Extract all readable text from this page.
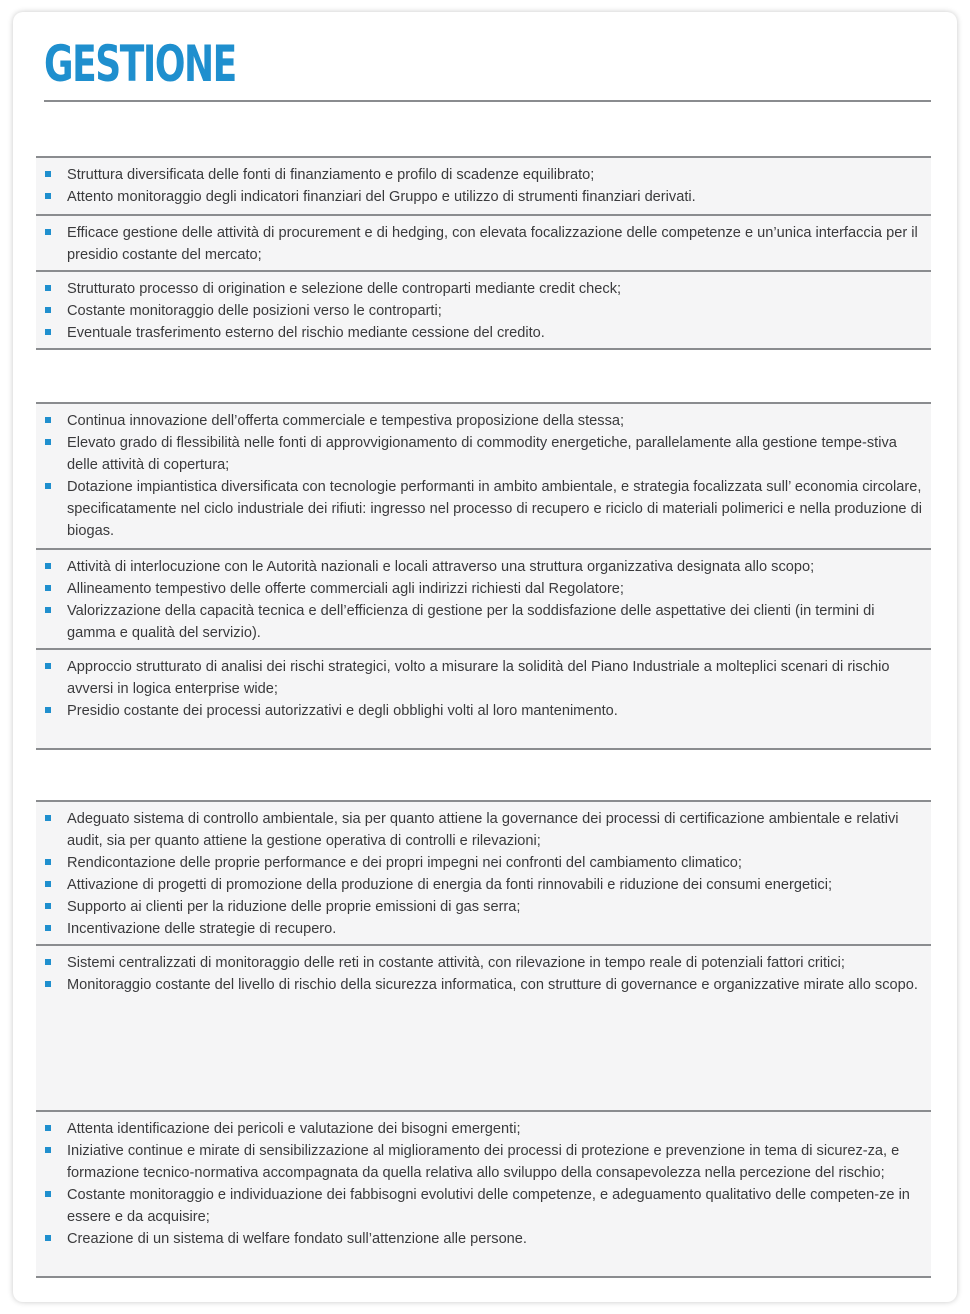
GESTIONE
Struttura diversificata delle fonti di finanziamento e profilo di scadenze equilibrato;
Attento monitoraggio degli indicatori finanziari del Gruppo e utilizzo di strumenti finanziari derivati.
Efficace gestione delle attività di procurement e di hedging, con elevata focalizzazione delle competenze e un’unica interfaccia per il presidio costante del mercato;
Strutturato processo di origination e selezione delle controparti mediante credit check;
Costante monitoraggio delle posizioni verso le controparti;
Eventuale trasferimento esterno del rischio mediante cessione del credito.
Continua innovazione dell’offerta commerciale e tempestiva proposizione della stessa;
Elevato grado di flessibilità nelle fonti di approvvigionamento di commodity energetiche, parallelamente alla gestione tempe-stiva delle attività di copertura;
Dotazione impiantistica diversificata con tecnologie performanti in ambito ambientale, e strategia focalizzata sull’ economia circolare, specificatamente nel ciclo industriale dei rifiuti: ingresso nel processo di recupero e riciclo di materiali polimerici e nella produzione di biogas.
Attività di interlocuzione con le Autorità nazionali e locali attraverso una struttura organizzativa designata allo scopo;
Allineamento tempestivo delle offerte commerciali agli indirizzi richiesti dal Regolatore;
Valorizzazione della capacità tecnica e dell’efficienza di gestione per la soddisfazione delle aspettative dei clienti (in termini di gamma e qualità del servizio).
Approccio strutturato di analisi dei rischi strategici, volto a misurare la solidità del Piano Industriale a molteplici scenari di rischio avversi in logica enterprise wide;
Presidio costante dei processi autorizzativi e degli obblighi volti al loro mantenimento.
Adeguato sistema di controllo ambientale, sia per quanto attiene la governance dei processi di certificazione ambientale e relativi audit, sia per quanto attiene la gestione operativa di controlli e rilevazioni;
Rendicontazione delle proprie performance e dei propri impegni nei confronti del cambiamento climatico;
Attivazione di progetti di promozione della produzione di energia da fonti rinnovabili e riduzione dei consumi energetici;
Supporto ai clienti per la riduzione delle proprie emissioni di gas serra;
Incentivazione delle strategie di recupero.
Sistemi centralizzati di monitoraggio delle reti in costante attività, con rilevazione in tempo reale di potenziali fattori critici;
Monitoraggio costante del livello di rischio della sicurezza informatica, con strutture di governance e organizzative mirate allo scopo.
Attenta identificazione dei pericoli e valutazione dei bisogni emergenti;
Iniziative continue e mirate di sensibilizzazione al miglioramento dei processi di protezione e prevenzione in tema di sicurez-za, e formazione tecnico-normativa accompagnata da quella relativa allo sviluppo della consapevolezza nella percezione del rischio;
Costante monitoraggio e individuazione dei fabbisogni evolutivi delle competenze, e adeguamento qualitativo delle competen-ze in essere e da acquisire;
Creazione di un sistema di welfare fondato sull’attenzione alle persone.
